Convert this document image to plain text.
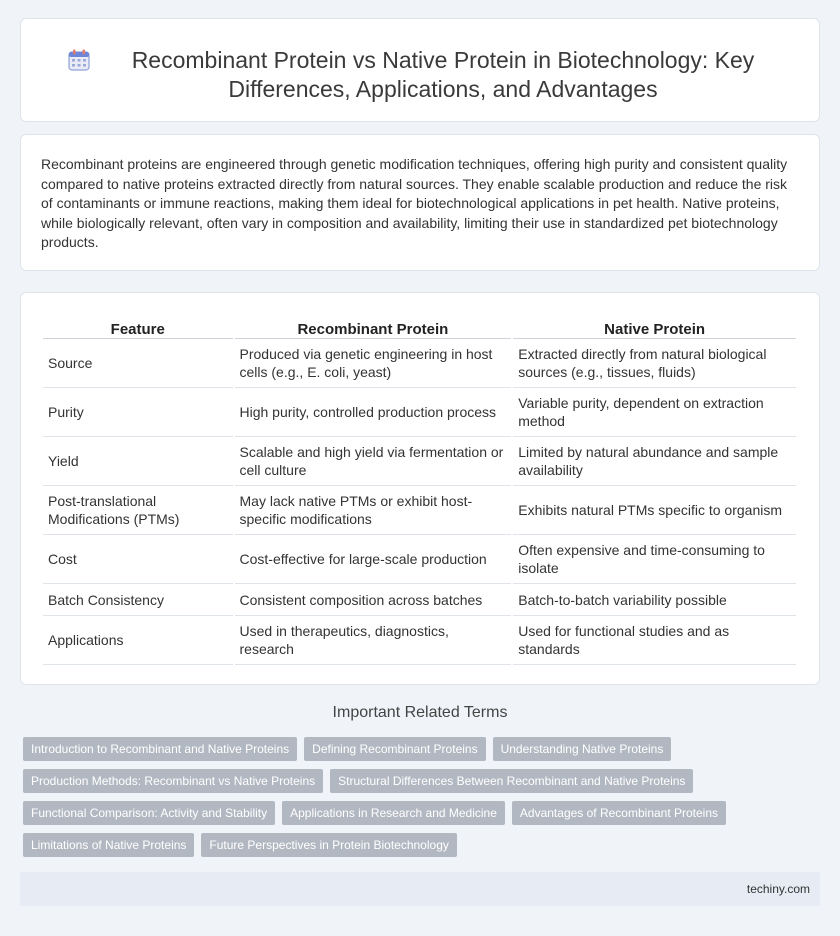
Recombinant Protein vs Native Protein in Biotechnology: Key Differences, Applications, and Advantages

Recombinant proteins are engineered through genetic modification techniques, offering high purity and consistent quality compared to native proteins extracted directly from natural sources. They enable scalable production and reduce the risk of contaminants or immune reactions, making them ideal for biotechnological applications in pet health. Native proteins, while biologically relevant, often vary in composition and availability, limiting their use in standardized pet biotechnology products.

Feature	Recombinant Protein	Native Protein
Source	Produced via genetic engineering in host cells (e.g., E. coli, yeast)	Extracted directly from natural biological sources (e.g., tissues, fluids)
Purity	High purity, controlled production process	Variable purity, dependent on extraction method
Yield	Scalable and high yield via fermentation or cell culture	Limited by natural abundance and sample availability
Post-translational Modifications (PTMs)	May lack native PTMs or exhibit host-specific modifications	Exhibits natural PTMs specific to organism
Cost	Cost-effective for large-scale production	Often expensive and time-consuming to isolate
Batch Consistency	Consistent composition across batches	Batch-to-batch variability possible
Applications	Used in therapeutics, diagnostics, research	Used for functional studies and as standards
Important Related Terms
Introduction to Recombinant and Native Proteins	Defining Recombinant Proteins	Understanding Native Proteins
Production Methods: Recombinant vs Native Proteins	Structural Differences Between Recombinant and Native Proteins
Functional Comparison: Activity and Stability	Applications in Research and Medicine	Advantages of Recombinant Proteins
Limitations of Native Proteins	Future Perspectives in Protein Biotechnology
techiny.com
